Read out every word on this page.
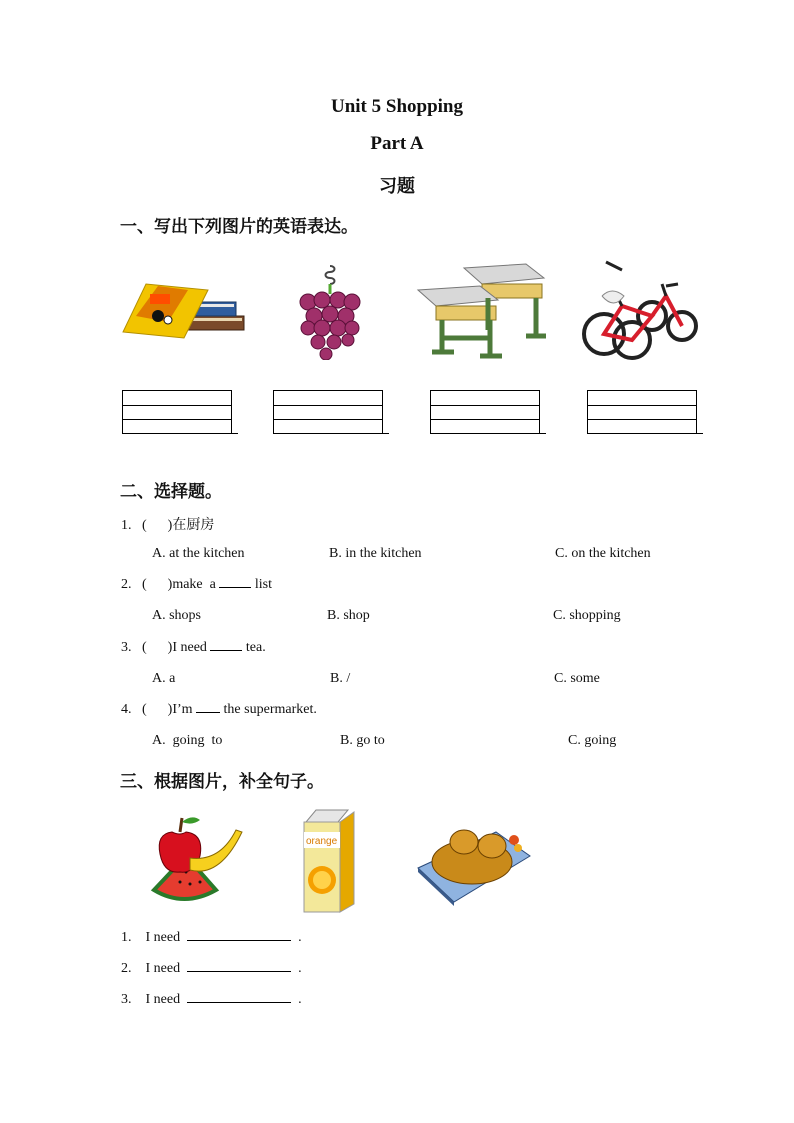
Unit 5 Shopping
Part A
习题
一、写出下列图片的英语表达。
二、选择题。
1. (      )在厨房
A. at the kitchen	B. in the kitchen	C. on the kitchen
2. (      )make  a	list
A. shops	B. shop	C. shopping
3. (      )I need	tea.
A. a	B. /	C. some
4. (      )I’m the supermarket.
A.  going  to	B. go to	C. going
三、根据图片，补全句子。
orange
1. I need	.
2. I need	.
3. I need	.
